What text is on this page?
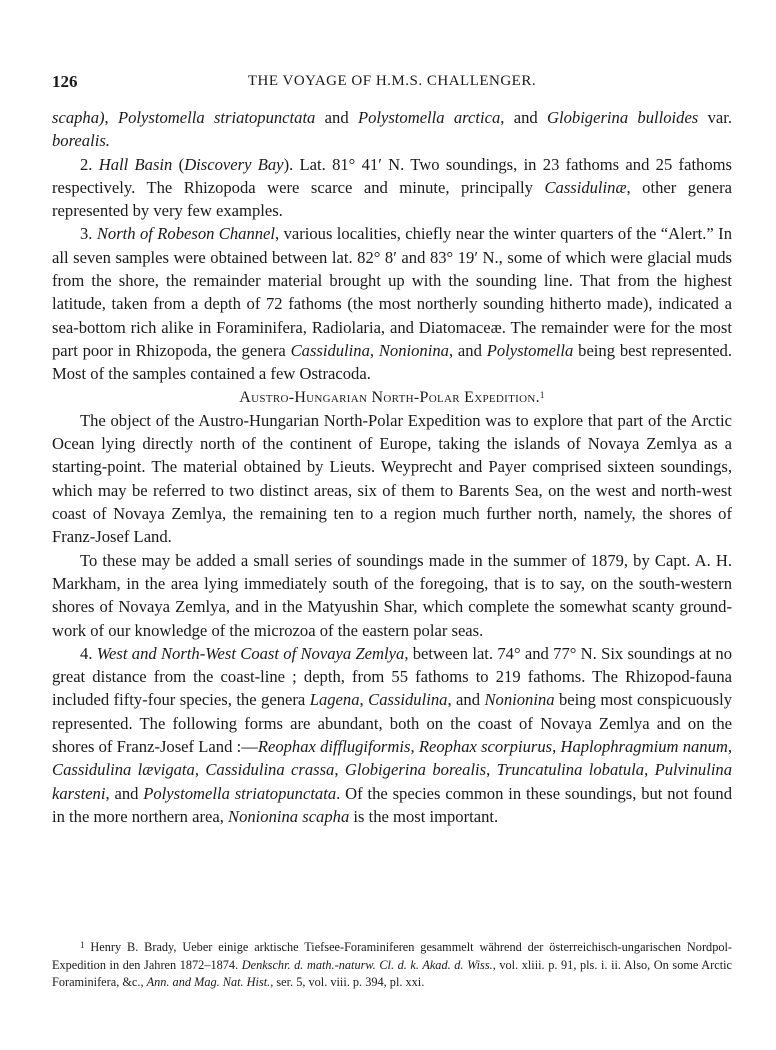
126	THE VOYAGE OF H.M.S. CHALLENGER.

scapha), Polystomella striatopunctata and Polystomella arctica, and Globigerina bulloides var. borealis.

2. Hall Basin (Discovery Bay). Lat. 81° 41′ N. Two soundings, in 23 fathoms and 25 fathoms respectively. The Rhizopoda were scarce and minute, principally Cassidulinæ, other genera represented by very few examples.

3. North of Robeson Channel, various localities, chiefly near the winter quarters of the “Alert.” In all seven samples were obtained between lat. 82° 8′ and 83° 19′ N., some of which were glacial muds from the shore, the remainder material brought up with the sounding line. That from the highest latitude, taken from a depth of 72 fathoms (the most northerly sounding hitherto made), indicated a sea-bottom rich alike in Foraminifera, Radiolaria, and Diatomaceæ. The remainder were for the most part poor in Rhizopoda, the genera Cassidulina, Nonionina, and Polystomella being best represented. Most of the samples contained a few Ostracoda.

Austro-Hungarian North-Polar Expedition.$^1$

The object of the Austro-Hungarian North-Polar Expedition was to explore that part of the Arctic Ocean lying directly north of the continent of Europe, taking the islands of Novaya Zemlya as a starting-point. The material obtained by Lieuts. Weyprecht and Payer comprised sixteen soundings, which may be referred to two distinct areas, six of them to Barents Sea, on the west and north-west coast of Novaya Zemlya, the remaining ten to a region much further north, namely, the shores of Franz-Josef Land.

To these may be added a small series of soundings made in the summer of 1879, by Capt. A. H. Markham, in the area lying immediately south of the foregoing, that is to say, on the south-western shores of Novaya Zemlya, and in the Matyushin Shar, which complete the somewhat scanty ground-work of our knowledge of the microzoa of the eastern polar seas.

4. West and North-West Coast of Novaya Zemlya, between lat. 74° and 77° N. Six soundings at no great distance from the coast-line ; depth, from 55 fathoms to 219 fathoms. The Rhizopod-fauna included fifty-four species, the genera Lagena, Cassidulina, and Nonionina being most conspicuously represented. The following forms are abundant, both on the coast of Novaya Zemlya and on the shores of Franz-Josef Land :—Reophax difflugiformis, Reophax scorpiurus, Haplophragmium nanum, Cassidulina lævigata, Cassidulina crassa, Globigerina borealis, Truncatulina lobatula, Pulvinulina karsteni, and Polystomella striatopunctata. Of the species common in these soundings, but not found in the more northern area, Nonionina scapha is the most important.

$^1$ Henry B. Brady, Ueber einige arktische Tiefsee-Foraminiferen gesammelt während der österreichisch-ungarischen Nordpol-Expedition in den Jahren 1872–1874. Denkschr. d. math.-naturw. Cl. d. k. Akad. d. Wiss., vol. xliii. p. 91, pls. i. ii. Also, On some Arctic Foraminifera, &c., Ann. and Mag. Nat. Hist., ser. 5, vol. viii. p. 394, pl. xxi.
